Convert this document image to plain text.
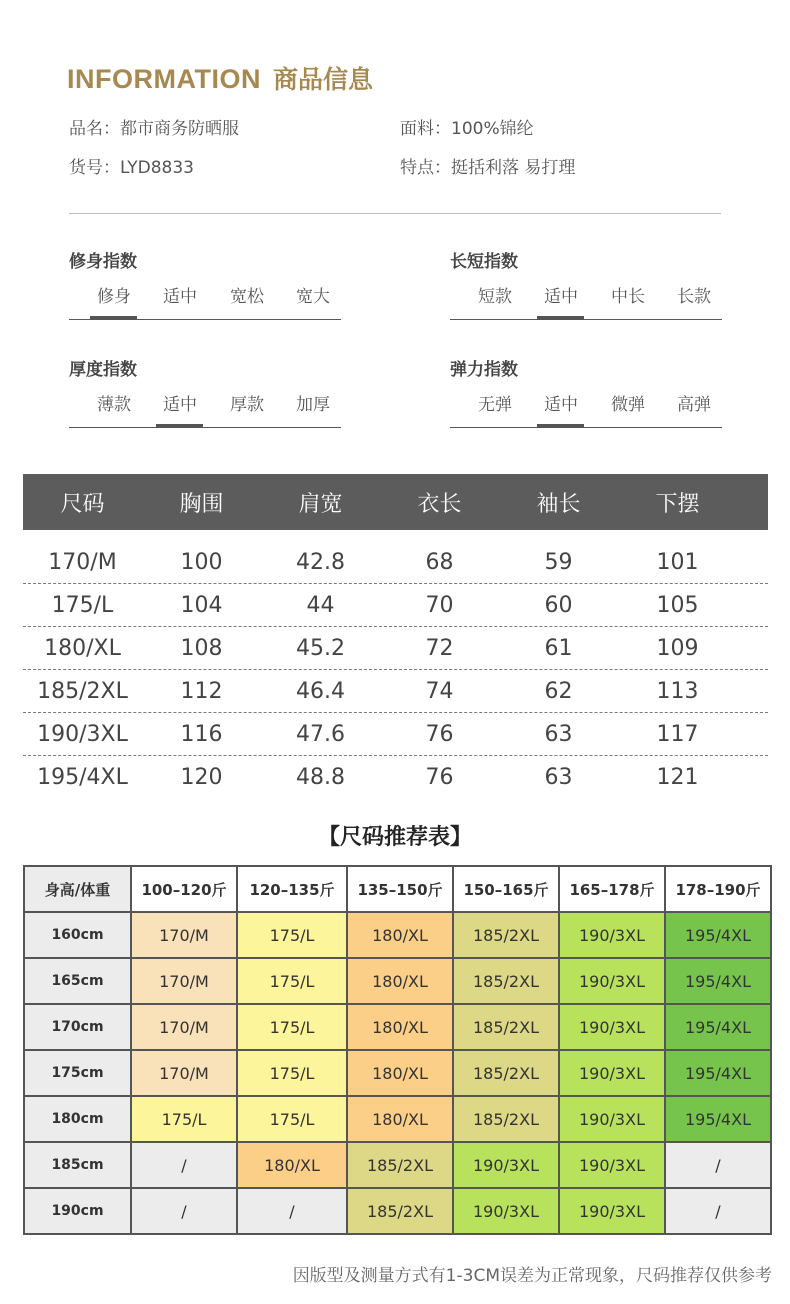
INFORMATION 商品信息
品名：都市商务防晒服	面料：100%锦纶
货号：LYD8833	特点：挺括利落 易打理
修身指数
修身	适中	宽松	宽大
长短指数
短款	适中	中长	长款
厚度指数
薄款	适中	厚款	加厚
弹力指数
无弹	适中	微弹	高弹
尺码	胸围	肩宽	衣长	袖长	下摆
170/M	100	42.8	68	59	101
175/L	104	44	70	60	105
180/XL	108	45.2	72	61	109
185/2XL	112	46.4	74	62	113
190/3XL	116	47.6	76	63	117
195/4XL	120	48.8	76	63	121
【尺码推荐表】
身高/体重	100–120斤	120–135斤	135–150斤	150–165斤	165–178斤	178–190斤
160cm	170/M	175/L	180/XL	185/2XL	190/3XL	195/4XL
165cm	170/M	175/L	180/XL	185/2XL	190/3XL	195/4XL
170cm	170/M	175/L	180/XL	185/2XL	190/3XL	195/4XL
175cm	170/M	175/L	180/XL	185/2XL	190/3XL	195/4XL
180cm	175/L	175/L	180/XL	185/2XL	190/3XL	195/4XL
185cm	/	180/XL	185/2XL	190/3XL	190/3XL	/
190cm	/	/	185/2XL	190/3XL	190/3XL	/
因版型及测量方式有1-3CM误差为正常现象，尺码推荐仅供参考
